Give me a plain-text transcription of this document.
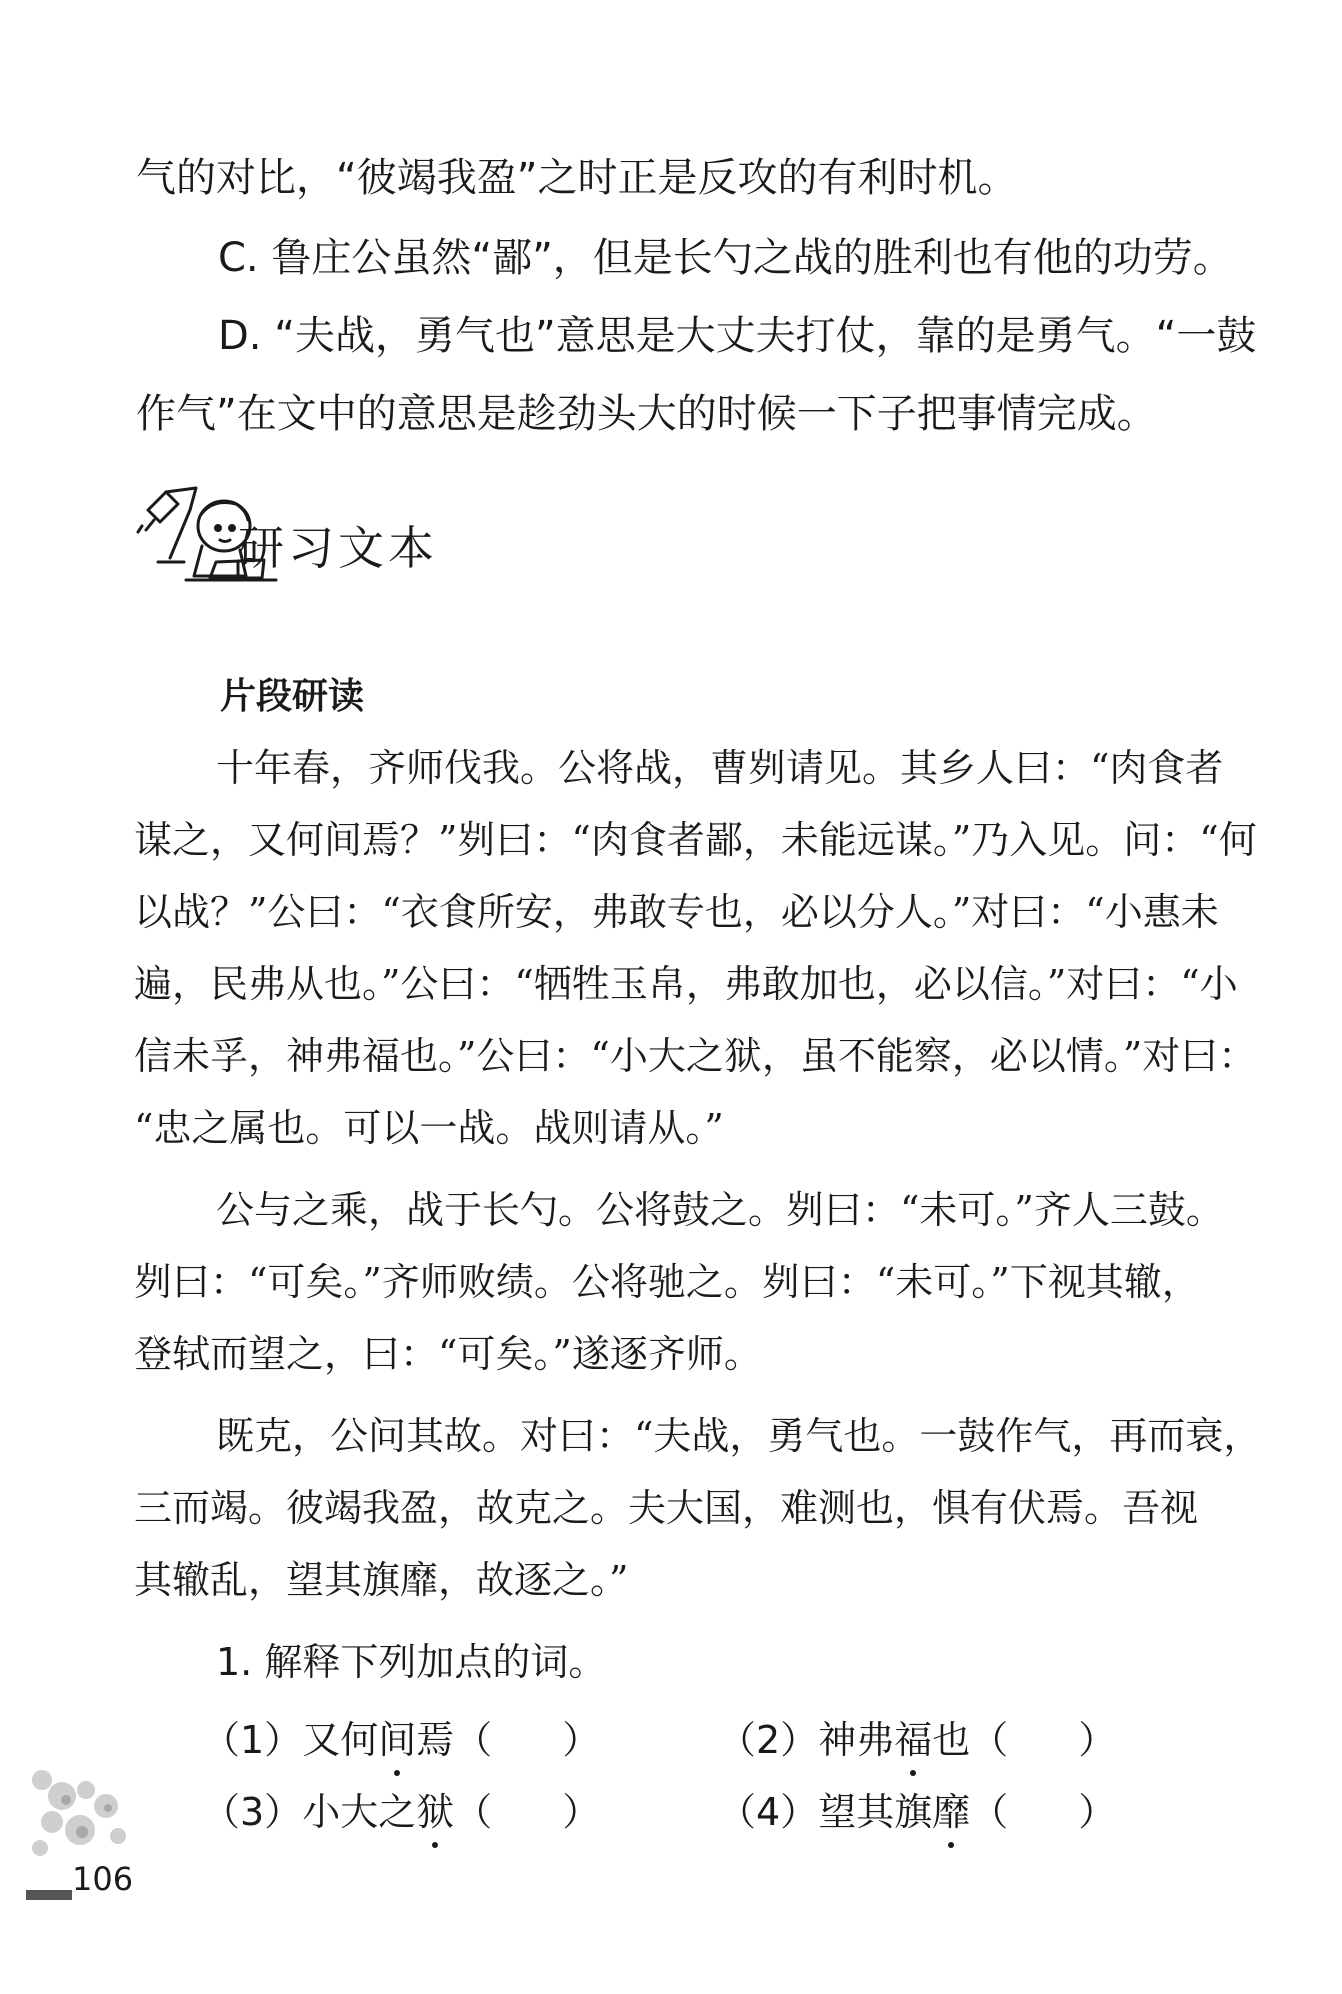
气的对比，“彼竭我盈”之时正是反攻的有利时机。
C. 鲁庄公虽然“鄙”，但是长勺之战的胜利也有他的功劳。
D. “夫战，勇气也”意思是大丈夫打仗，靠的是勇气。“一鼓
作气”在文中的意思是趁劲头大的时候一下子把事情完成。
研习文本
片段研读
十年春，齐师伐我。公将战，曹刿请见。其乡人曰：“肉食者
谋之，又何间焉？”刿曰：“肉食者鄙，未能远谋。”乃入见。问：“何
以战？”公曰：“衣食所安，弗敢专也，必以分人。”对曰：“小惠未
遍，民弗从也。”公曰：“牺牲玉帛，弗敢加也，必以信。”对曰：“小
信未孚，神弗福也。”公曰：“小大之狱，虽不能察，必以情。”对曰：
“忠之属也。可以一战。战则请从。”
公与之乘，战于长勺。公将鼓之。刿曰：“未可。”齐人三鼓。
刿曰：“可矣。”齐师败绩。公将驰之。刿曰：“未可。”下视其辙，
登轼而望之，曰：“可矣。”遂逐齐师。
既克，公问其故。对曰：“夫战，勇气也。一鼓作气，再而衰，
三而竭。彼竭我盈，故克之。夫大国，难测也，惧有伏焉。吾视
其辙乱，望其旗靡，故逐之。”
1. 解释下列加点的词。
（1）又何间焉（ ）	（2）神弗福也（ ）
（3）小大之狱（ ）	（4）望其旗靡（ ）
106
